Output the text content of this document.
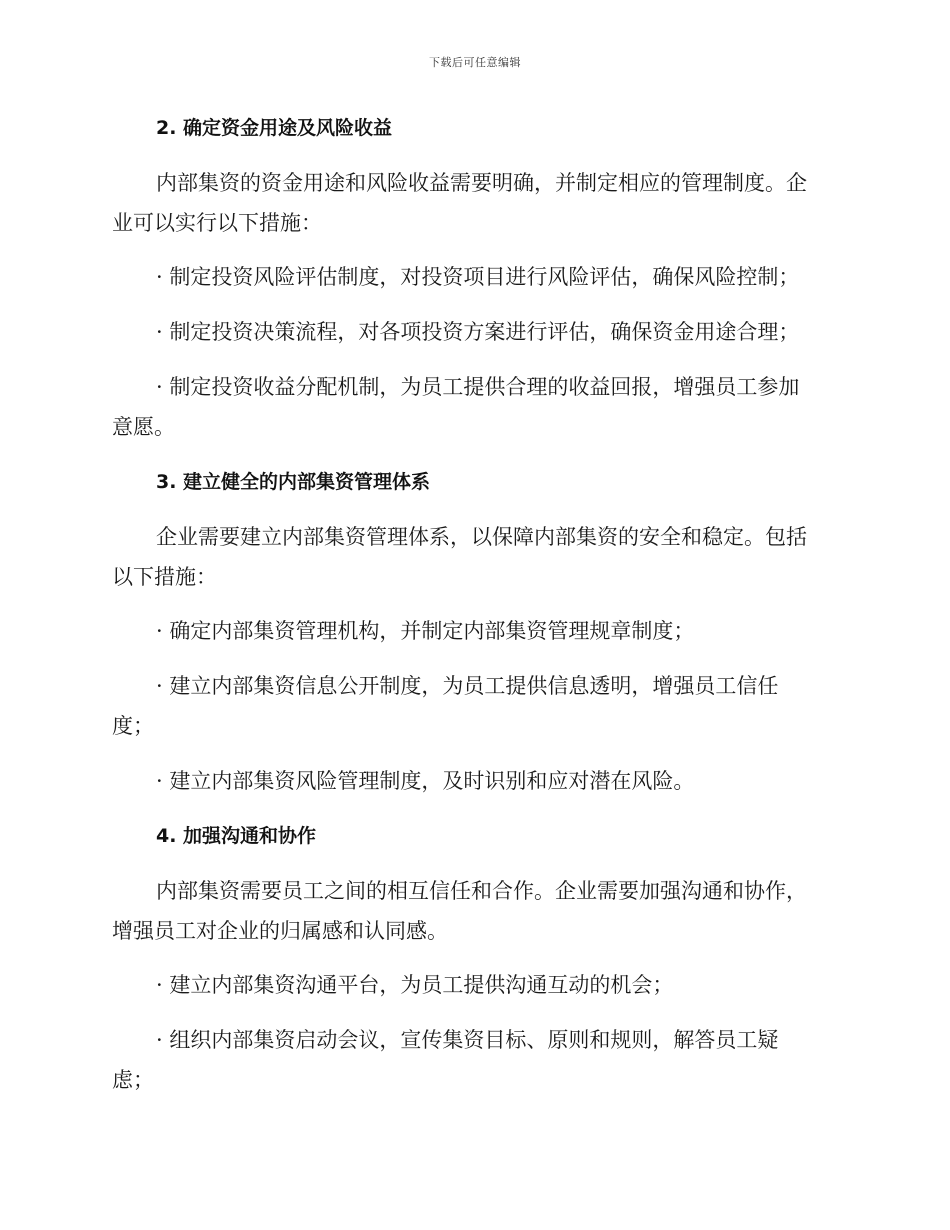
下载后可任意编辑
2. 确定资金用途及风险收益

内部集资的资金用途和风险收益需要明确，并制定相应的管理制度。企
业可以实行以下措施：

· 制定投资风险评估制度，对投资项目进行风险评估，确保风险控制；

· 制定投资决策流程，对各项投资方案进行评估，确保资金用途合理；

· 制定投资收益分配机制，为员工提供合理的收益回报，增强员工参加
意愿。

3. 建立健全的内部集资管理体系

企业需要建立内部集资管理体系，以保障内部集资的安全和稳定。包括
以下措施：

· 确定内部集资管理机构，并制定内部集资管理规章制度；

· 建立内部集资信息公开制度，为员工提供信息透明，增强员工信任
度；

· 建立内部集资风险管理制度，及时识别和应对潜在风险。

4. 加强沟通和协作

内部集资需要员工之间的相互信任和合作。企业需要加强沟通和协作，
增强员工对企业的归属感和认同感。

· 建立内部集资沟通平台，为员工提供沟通互动的机会；

· 组织内部集资启动会议，宣传集资目标、原则和规则，解答员工疑
虑；
